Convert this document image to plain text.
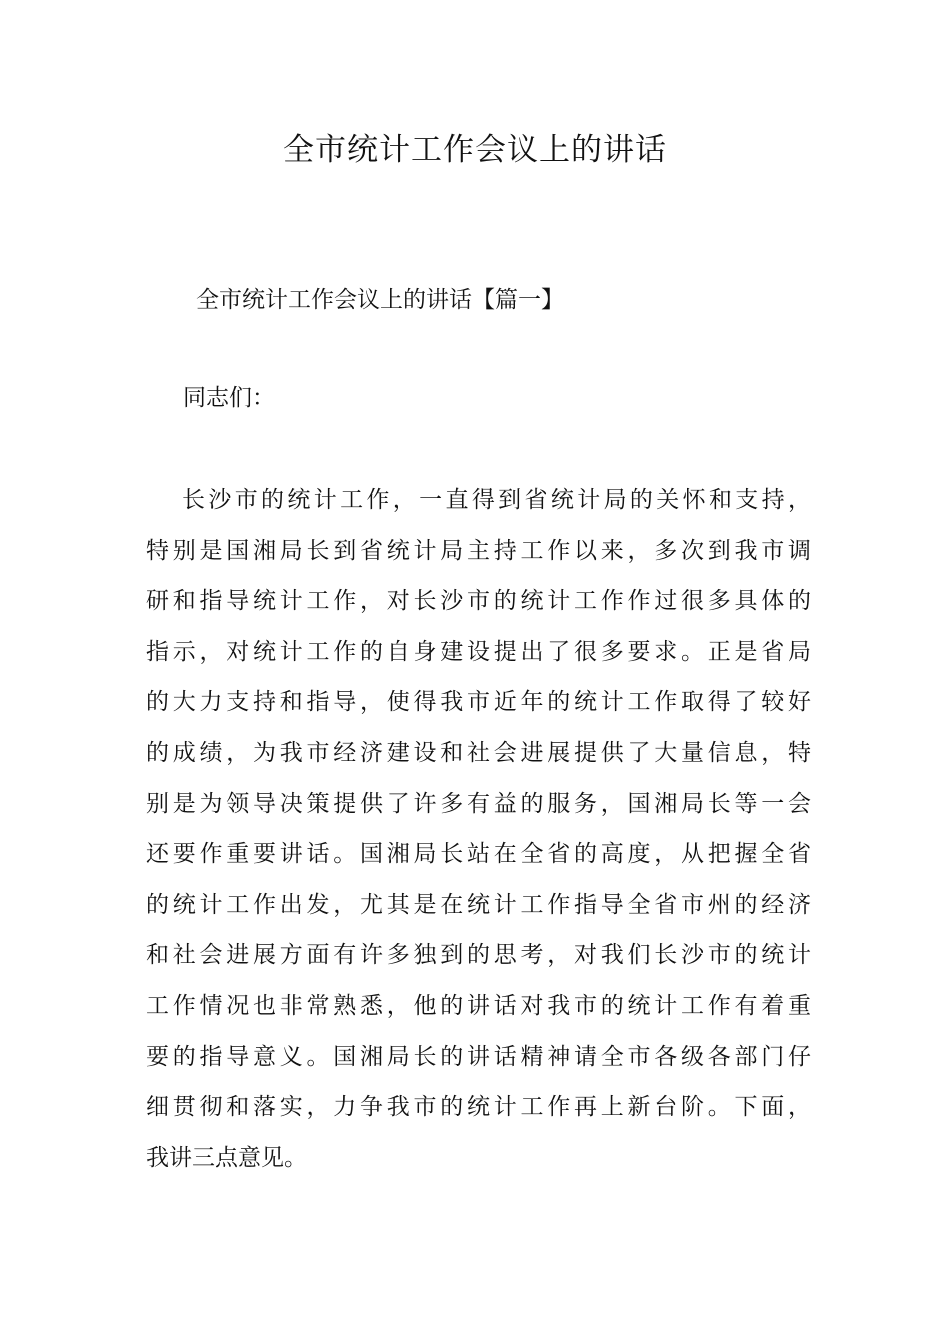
全市统计工作会议上的讲话
全市统计工作会议上的讲话【篇一】
同志们：
长沙市的统计工作，一直得到省统计局的关怀和支持，
特别是国湘局长到省统计局主持工作以来，多次到我市调
研和指导统计工作，对长沙市的统计工作作过很多具体的
指示，对统计工作的自身建设提出了很多要求。正是省局
的大力支持和指导，使得我市近年的统计工作取得了较好
的成绩，为我市经济建设和社会进展提供了大量信息，特
别是为领导决策提供了许多有益的服务，国湘局长等一会
还要作重要讲话。国湘局长站在全省的高度，从把握全省
的统计工作出发，尤其是在统计工作指导全省市州的经济
和社会进展方面有许多独到的思考，对我们长沙市的统计
工作情况也非常熟悉，他的讲话对我市的统计工作有着重
要的指导意义。国湘局长的讲话精神请全市各级各部门仔
细贯彻和落实，力争我市的统计工作再上新台阶。下面，
我讲三点意见。
